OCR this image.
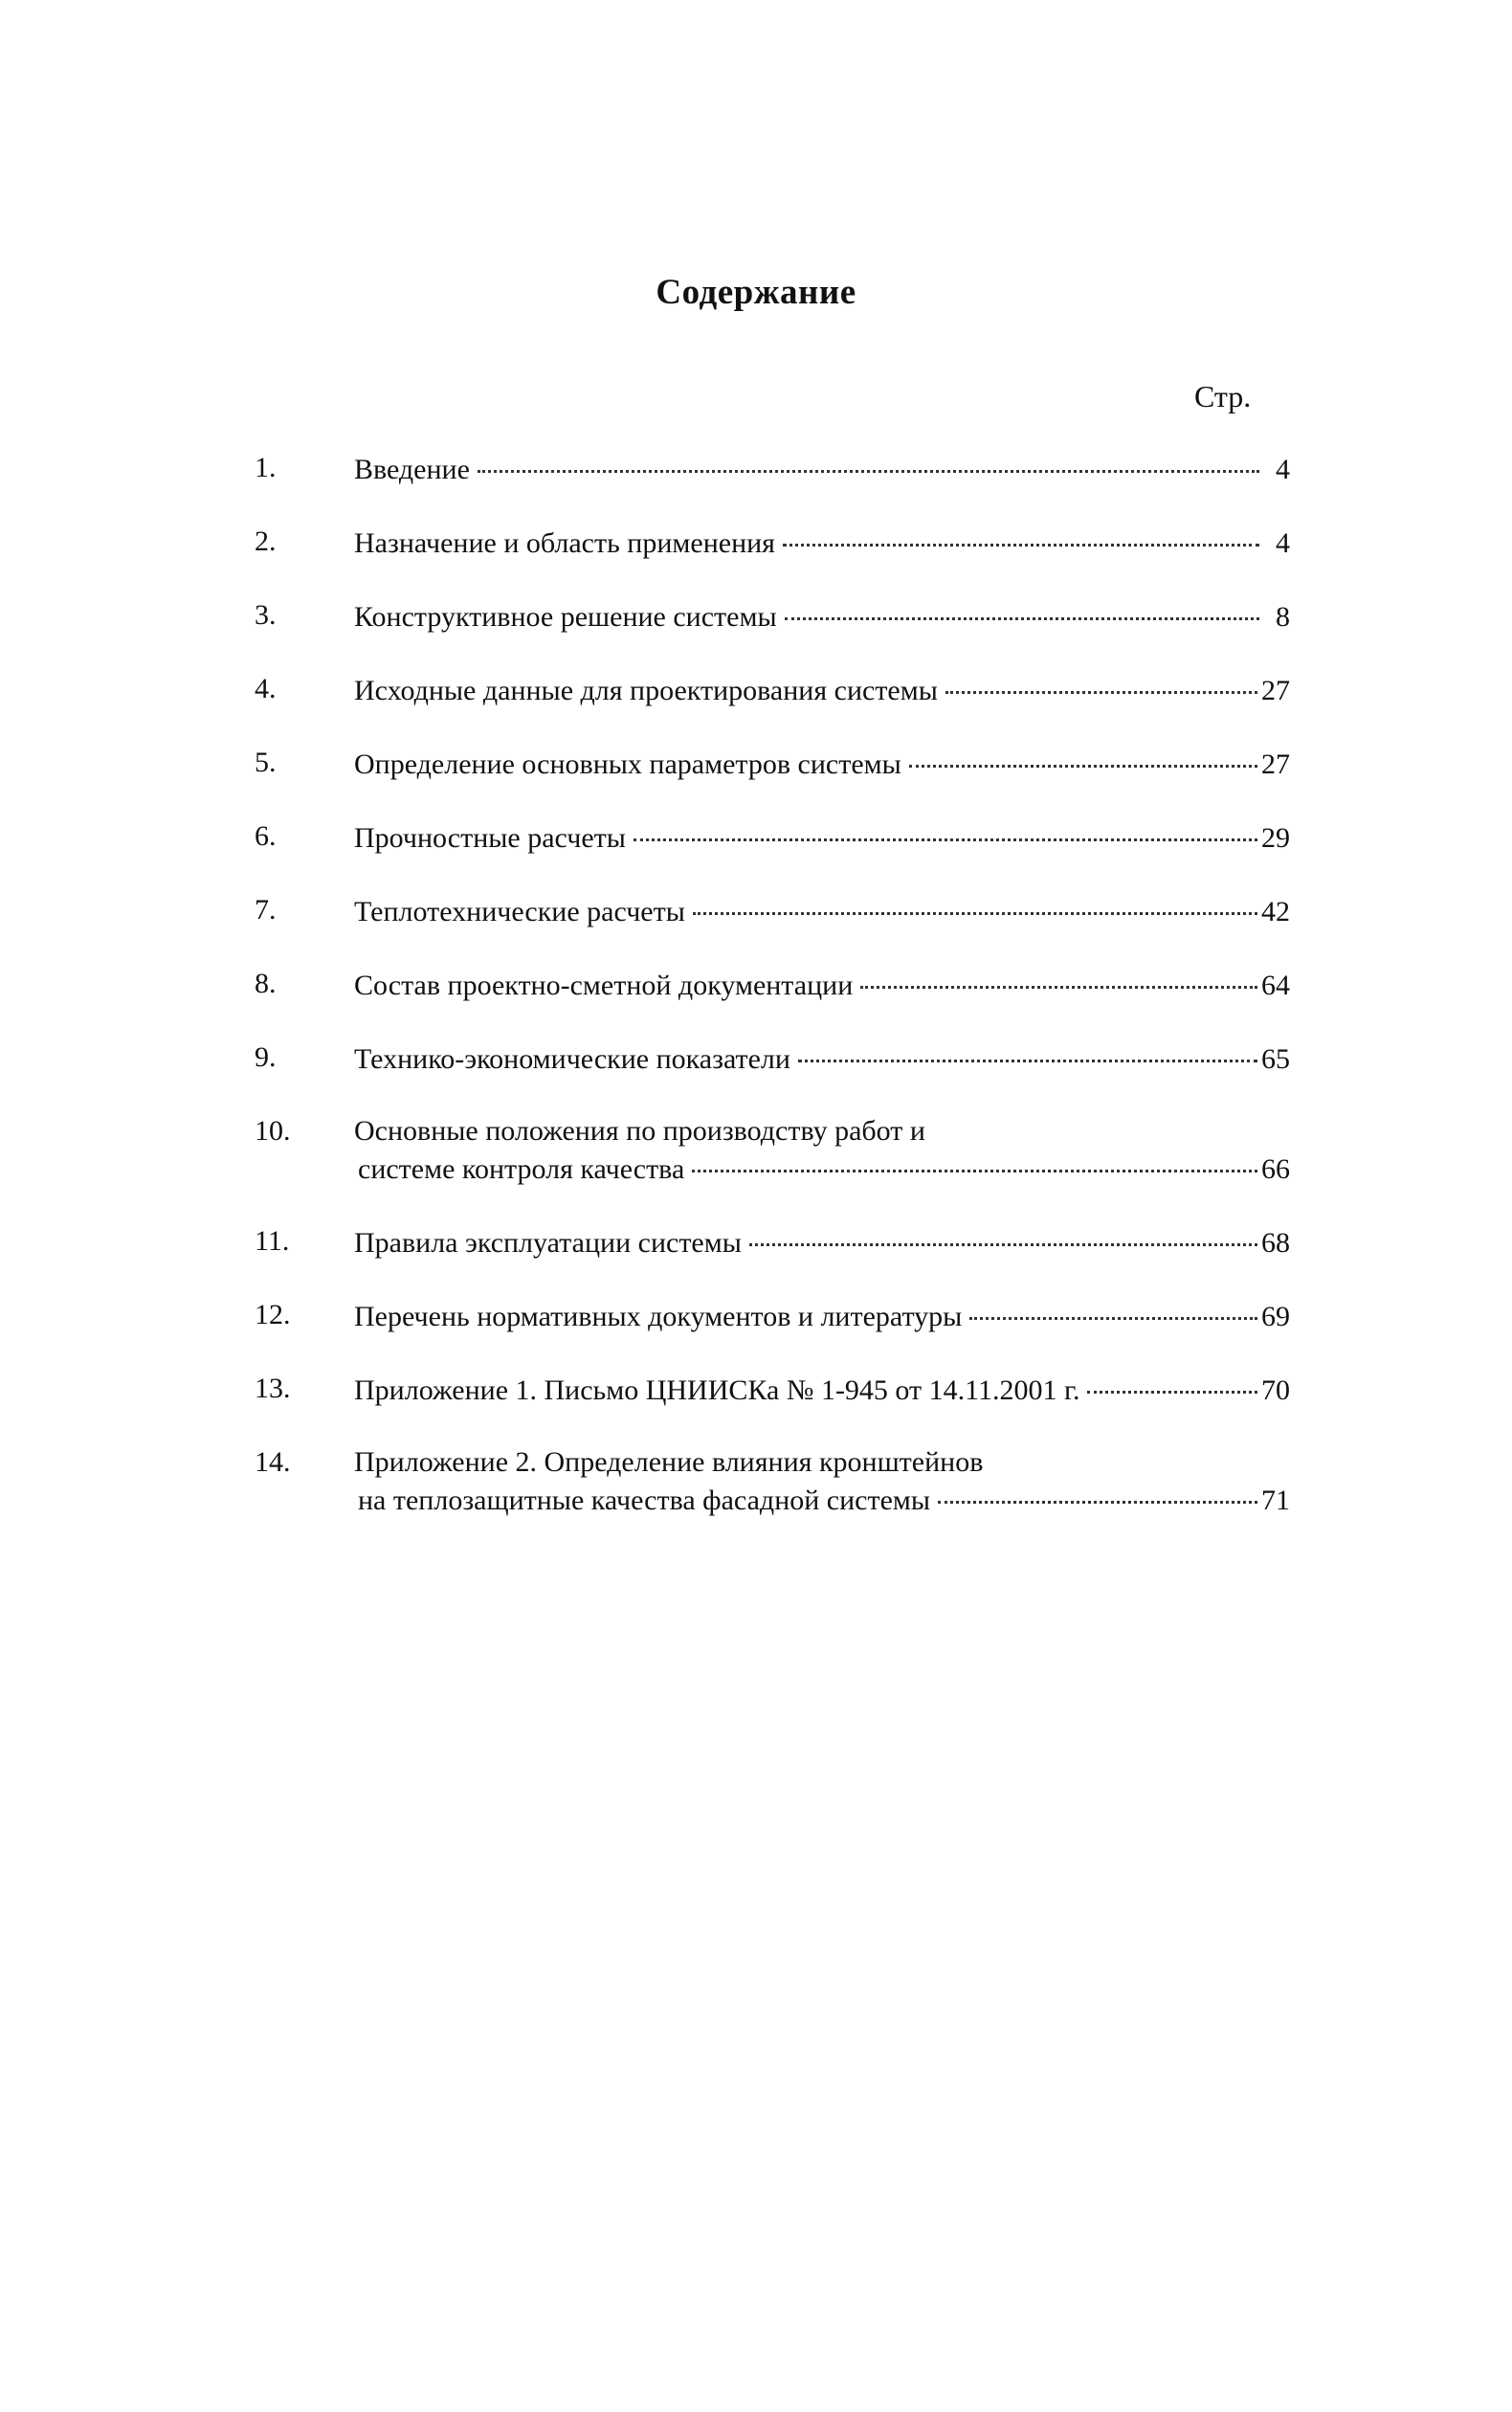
Содержание
Стр.
1.	Введение	4
2.	Назначение и область применения	4
3.	Конструктивное решение системы	8
4.	Исходные данные для проектирования системы	27
5.	Определение основных параметров системы	27
6.	Прочностные расчеты	29
7.	Теплотехнические расчеты	42
8.	Состав проектно-сметной документации	64
9.	Технико-экономические показатели	65
10.	Основные положения по производству работ и
системе контроля качества	66
11.	Правила эксплуатации системы	68
12.	Перечень нормативных документов и литературы	69
13.	Приложение 1. Письмо ЦНИИСКа № 1-945 от 14.11.2001 г.	70
14.	Приложение 2. Определение влияния кронштейнов
на теплозащитные качества фасадной системы	71
